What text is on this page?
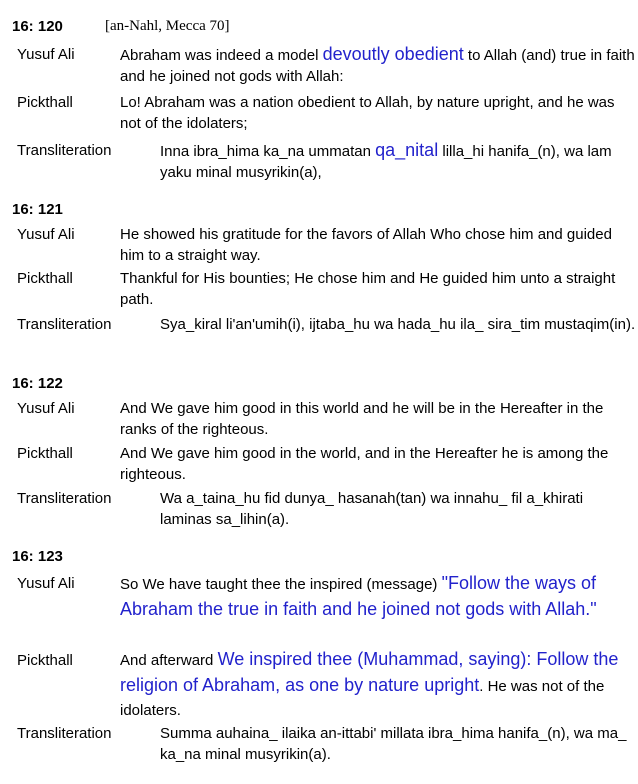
16: 120	[an-Nahl, Mecca 70]
Yusuf Ali	Abraham was indeed a model devoutly obedient to Allah (and) true in faith and he joined not gods with Allah:
Pickthall	Lo! Abraham was a nation obedient to Allah, by nature upright, and he was not of the idolaters;
Transliteration	Inna ibra_hima ka_na ummatan qa_nital lilla_hi hanifa_(n), wa lam yaku minal musyrikin(a),
16: 121
Yusuf Ali	He showed his gratitude for the favors of Allah Who chose him and guided him to a straight way.
Pickthall	Thankful for His bounties; He chose him and He guided him unto a straight path.
Transliteration	Sya_kiral li'an'umih(i), ijtaba_hu wa hada_hu ila_ sira_tim mustaqim(in).
16: 122
Yusuf Ali	And We gave him good in this world and he will be in the Hereafter in the ranks of the righteous.
Pickthall	And We gave him good in the world, and in the Hereafter he is among the righteous.
Transliteration	Wa a_taina_hu fid dunya_ hasanah(tan) wa innahu_ fil a_khirati laminas sa_lihin(a).
16: 123
Yusuf Ali	So We have taught thee the inspired (message) "Follow the ways of Abraham the true in faith and he joined not gods with Allah."
Pickthall	And afterward We inspired thee (Muhammad, saying): Follow the religion of Abraham, as one by nature upright. He was not of the idolaters.
Transliteration	Summa auhaina_ ilaika an-ittabi' millata ibra_hima hanifa_(n), wa ma_ ka_na minal musyrikin(a).
